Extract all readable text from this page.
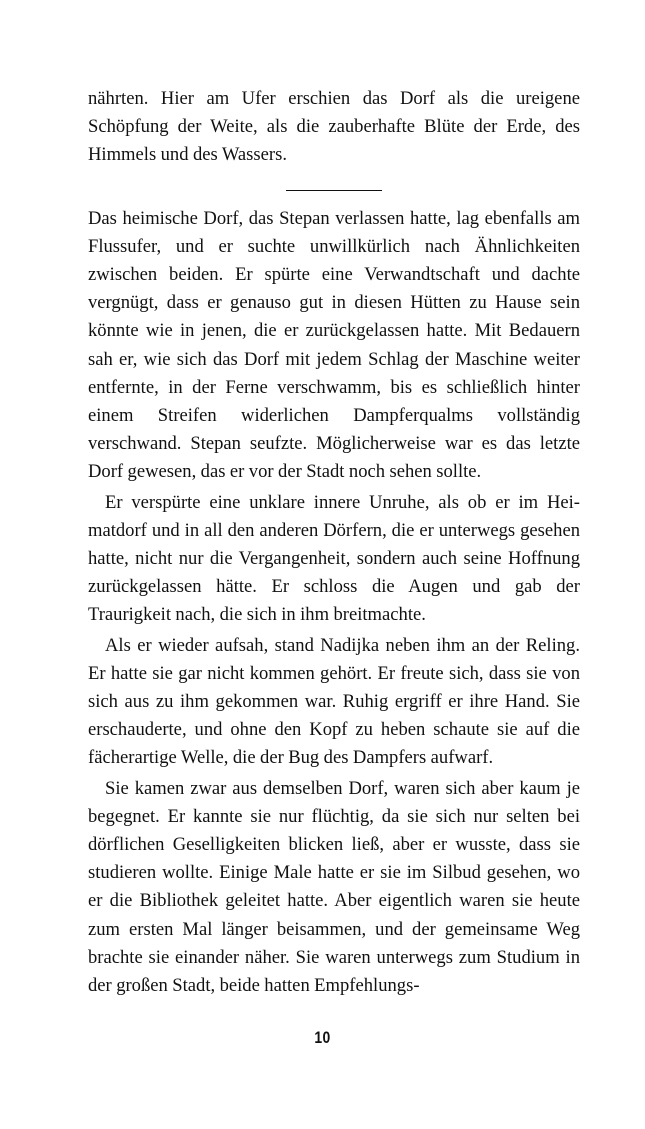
nährten. Hier am Ufer erschien das Dorf als die ureigene Schöpfung der Weite, als die zauberhafte Blüte der Erde, des Himmels und des Wassers.

Das heimische Dorf, das Stepan verlassen hatte, lag ebenfalls am Flussufer, und er suchte unwillkürlich nach Ähnlichkeiten zwischen beiden. Er spürte eine Verwandtschaft und dachte vergnügt, dass er genauso gut in diesen Hütten zu Hause sein könnte wie in jenen, die er zurückgelassen hatte. Mit Bedauern sah er, wie sich das Dorf mit jedem Schlag der Maschine weiter entfernte, in der Ferne verschwamm, bis es schließlich hinter einem Streifen widerlichen Dampferqualms vollständig verschwand. Stepan seufzte. Möglicherweise war es das letzte Dorf gewesen, das er vor der Stadt noch sehen sollte.

Er verspürte eine unklare innere Unruhe, als ob er im Heimatdorf und in all den anderen Dörfern, die er unterwegs gesehen hatte, nicht nur die Vergangenheit, sondern auch seine Hoffnung zurückgelassen hätte. Er schloss die Augen und gab der Traurigkeit nach, die sich in ihm breitmachte.

Als er wieder aufsah, stand Nadijka neben ihm an der Reling. Er hatte sie gar nicht kommen gehört. Er freute sich, dass sie von sich aus zu ihm gekommen war. Ruhig ergriff er ihre Hand. Sie erschauderte, und ohne den Kopf zu heben schaute sie auf die fächerartige Welle, die der Bug des Dampfers aufwarf.

Sie kamen zwar aus demselben Dorf, waren sich aber kaum je begegnet. Er kannte sie nur flüchtig, da sie sich nur selten bei dörflichen Geselligkeiten blicken ließ, aber er wusste, dass sie studieren wollte. Einige Male hatte er sie im Silbud gesehen, wo er die Bibliothek geleitet hatte. Aber eigentlich waren sie heute zum ersten Mal länger beisammen, und der gemeinsame Weg brachte sie einander näher. Sie waren unterwegs zum Studium in der großen Stadt, beide hatten Empfehlungs-

10
